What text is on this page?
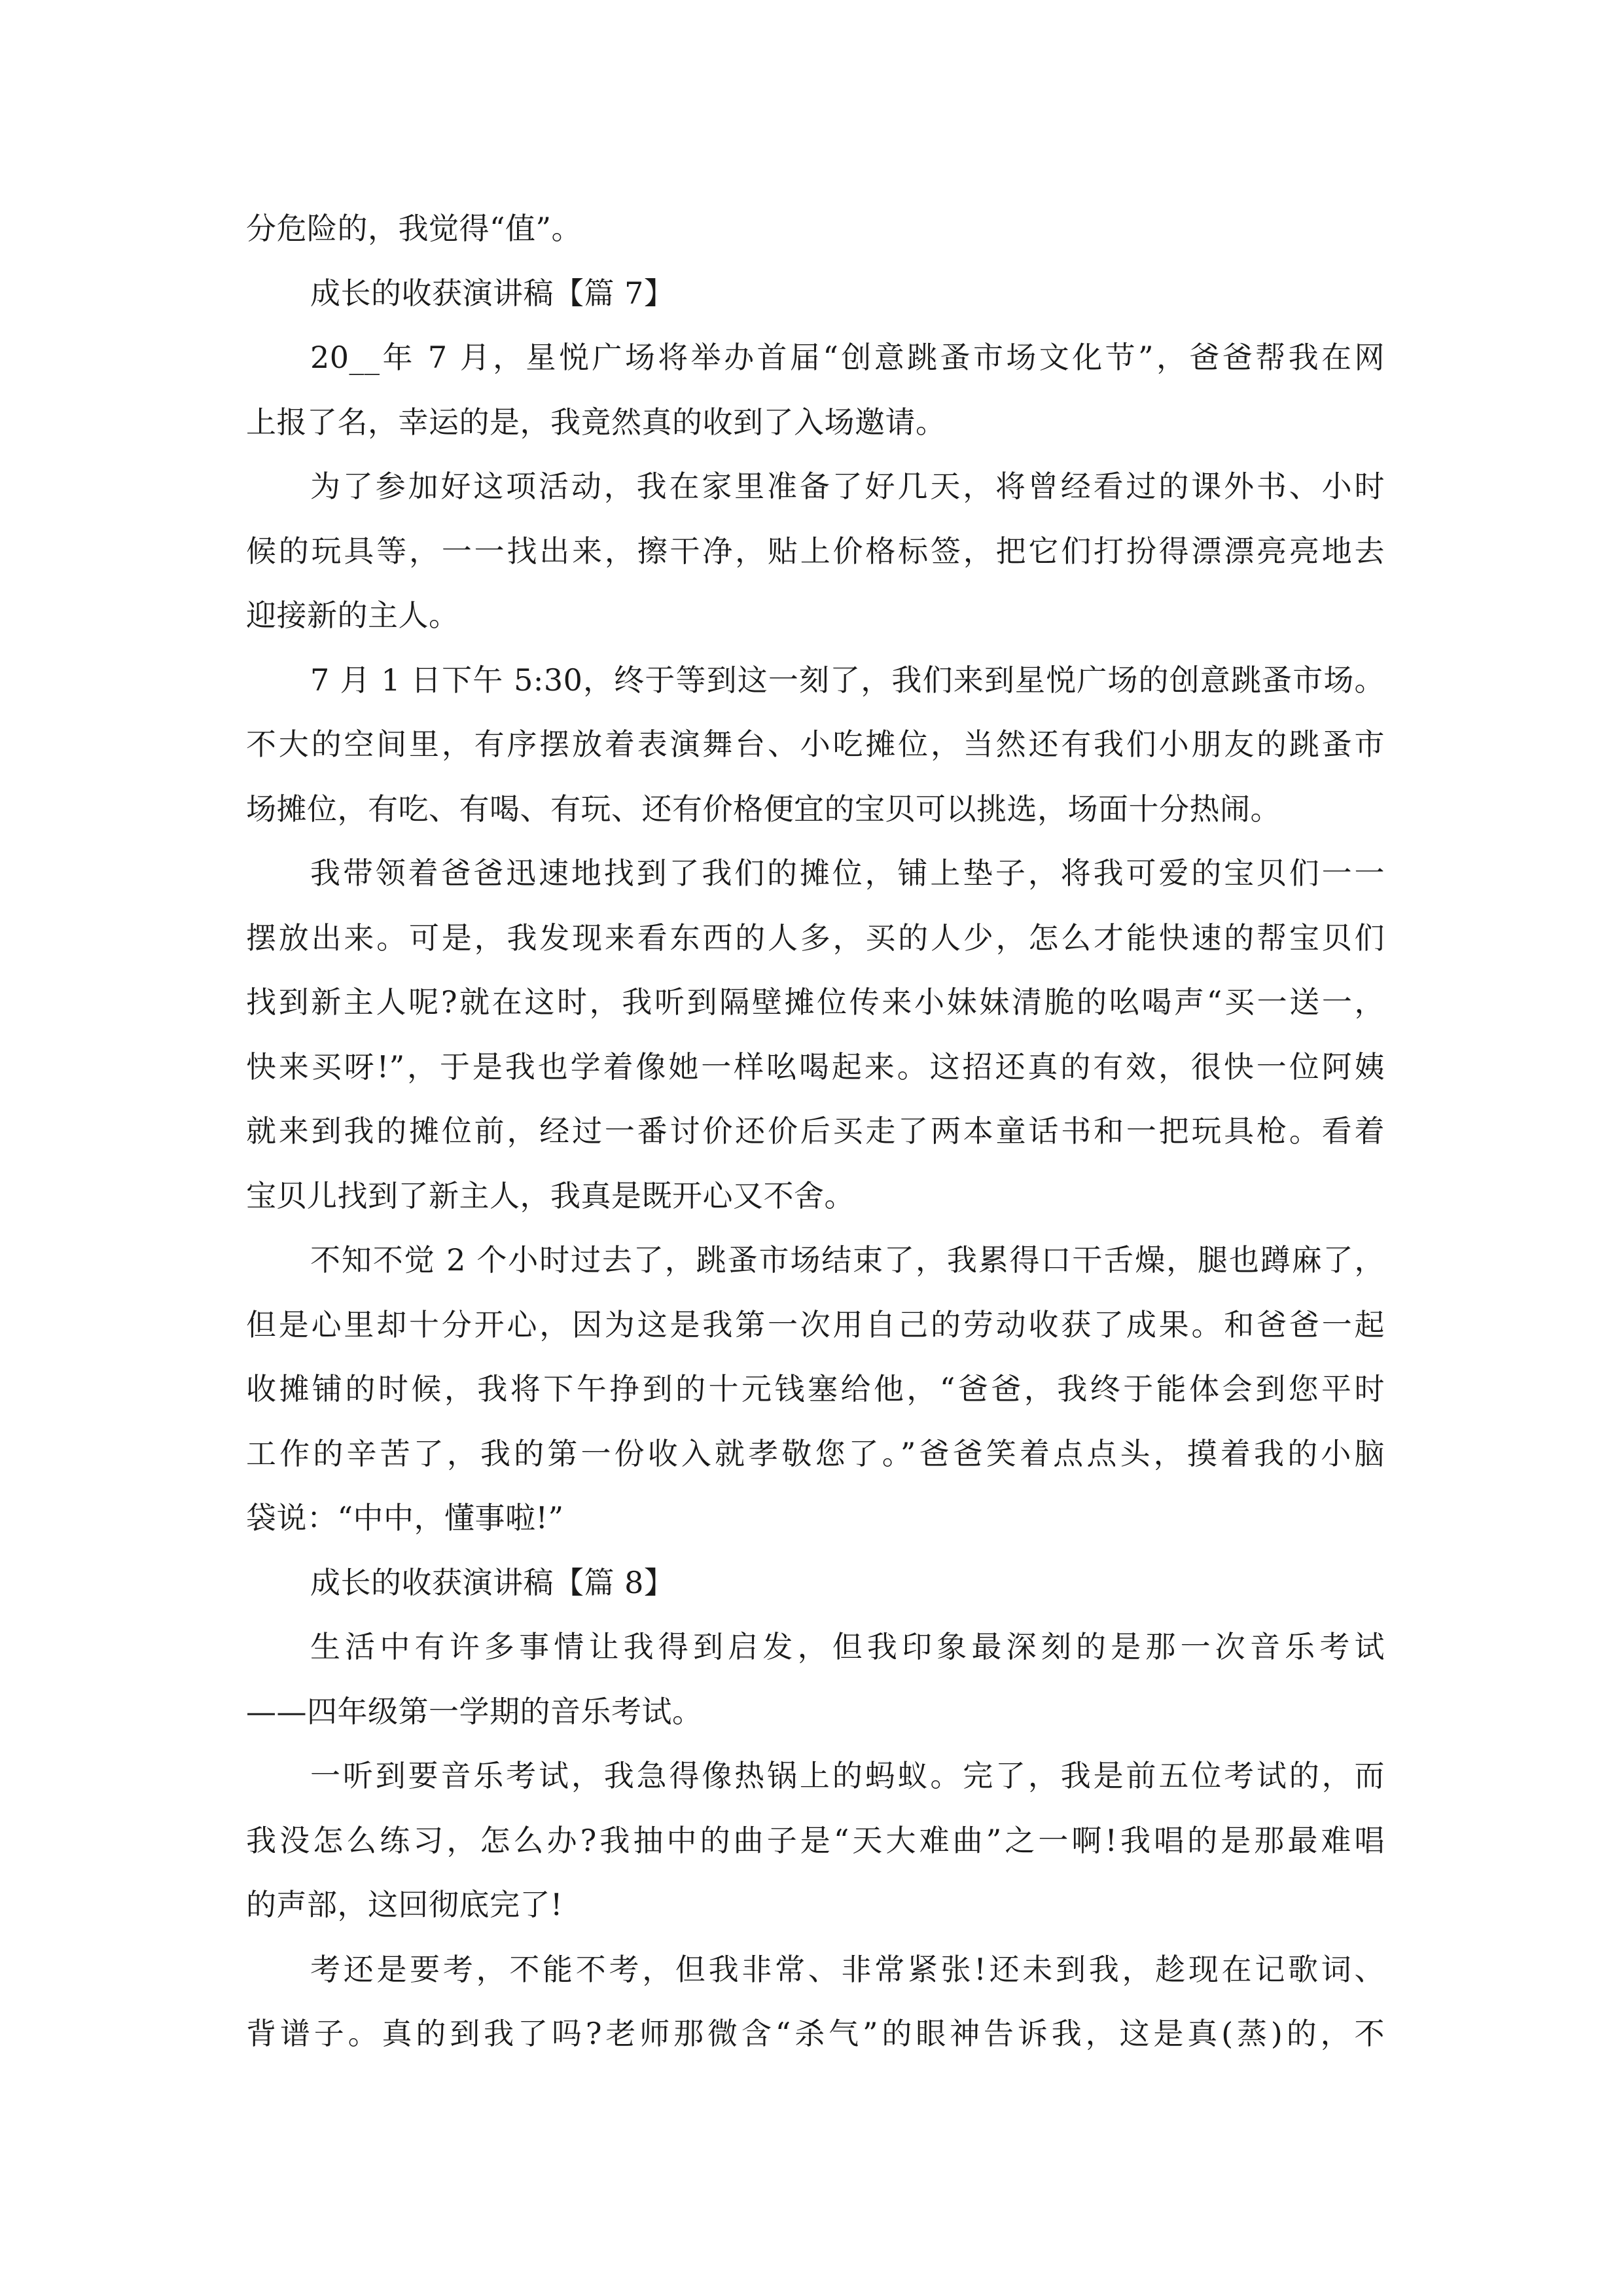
分危险的，我觉得“值”。
成长的收获演讲稿【篇 7】
20__年 7 月，星悦广场将举办首届“创意跳蚤市场文化节”，爸爸帮我在网
上报了名，幸运的是，我竟然真的收到了入场邀请。
为了参加好这项活动，我在家里准备了好几天，将曾经看过的课外书、小时
候的玩具等，一一找出来，擦干净，贴上价格标签，把它们打扮得漂漂亮亮地去
迎接新的主人。
7 月 1 日下午 5:30，终于等到这一刻了，我们来到星悦广场的创意跳蚤市场。
不大的空间里，有序摆放着表演舞台、小吃摊位，当然还有我们小朋友的跳蚤市
场摊位，有吃、有喝、有玩、还有价格便宜的宝贝可以挑选，场面十分热闹。
我带领着爸爸迅速地找到了我们的摊位，铺上垫子，将我可爱的宝贝们一一
摆放出来。可是，我发现来看东西的人多，买的人少，怎么才能快速的帮宝贝们
找到新主人呢?就在这时，我听到隔壁摊位传来小妹妹清脆的吆喝声“买一送一，
快来买呀!”，于是我也学着像她一样吆喝起来。这招还真的有效，很快一位阿姨
就来到我的摊位前，经过一番讨价还价后买走了两本童话书和一把玩具枪。看着
宝贝儿找到了新主人，我真是既开心又不舍。
不知不觉 2 个小时过去了，跳蚤市场结束了，我累得口干舌燥，腿也蹲麻了，
但是心里却十分开心，因为这是我第一次用自己的劳动收获了成果。和爸爸一起
收摊铺的时候，我将下午挣到的十元钱塞给他，“爸爸，我终于能体会到您平时
工作的辛苦了，我的第一份收入就孝敬您了。”爸爸笑着点点头，摸着我的小脑
袋说：“中中，懂事啦!”
成长的收获演讲稿【篇 8】
生活中有许多事情让我得到启发，但我印象最深刻的是那一次音乐考试
——四年级第一学期的音乐考试。
一听到要音乐考试，我急得像热锅上的蚂蚁。完了，我是前五位考试的，而
我没怎么练习，怎么办?我抽中的曲子是“天大难曲”之一啊!我唱的是那最难唱
的声部，这回彻底完了!
考还是要考，不能不考，但我非常、非常紧张!还未到我，趁现在记歌词、
背谱子。真的到我了吗?老师那微含“杀气”的眼神告诉我，这是真(蒸)的，不
